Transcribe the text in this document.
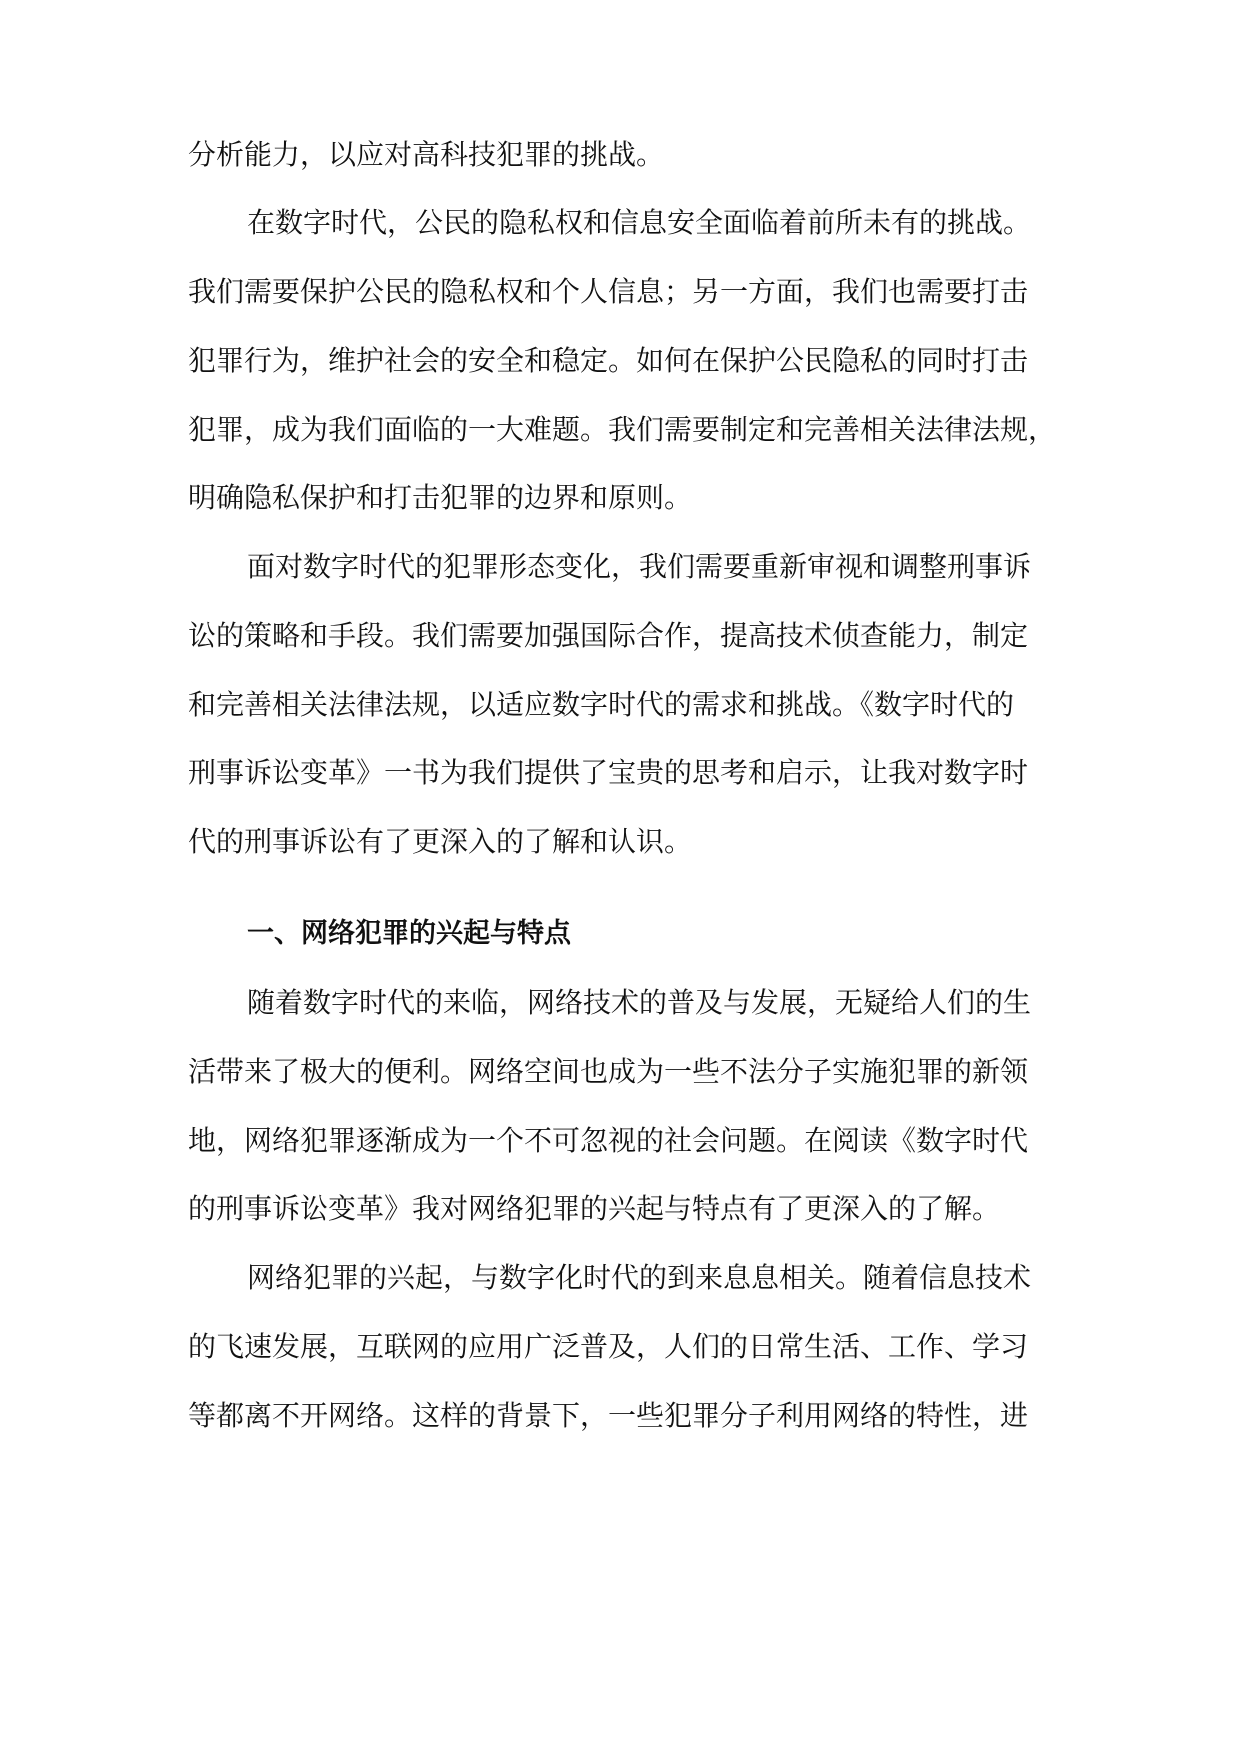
分析能力，以应对高科技犯罪的挑战。

在数字时代，公民的隐私权和信息安全面临着前所未有的挑战。

我们需要保护公民的隐私权和个人信息；另一方面，我们也需要打击

犯罪行为，维护社会的安全和稳定。如何在保护公民隐私的同时打击

犯罪，成为我们面临的一大难题。我们需要制定和完善相关法律法规，

明确隐私保护和打击犯罪的边界和原则。

面对数字时代的犯罪形态变化，我们需要重新审视和调整刑事诉

讼的策略和手段。我们需要加强国际合作，提高技术侦查能力，制定

和完善相关法律法规，以适应数字时代的需求和挑战。《数字时代的

刑事诉讼变革》一书为我们提供了宝贵的思考和启示，让我对数字时

代的刑事诉讼有了更深入的了解和认识。

一、网络犯罪的兴起与特点

随着数字时代的来临，网络技术的普及与发展，无疑给人们的生

活带来了极大的便利。网络空间也成为一些不法分子实施犯罪的新领

地，网络犯罪逐渐成为一个不可忽视的社会问题。在阅读《数字时代

的刑事诉讼变革》我对网络犯罪的兴起与特点有了更深入的了解。

网络犯罪的兴起，与数字化时代的到来息息相关。随着信息技术

的飞速发展，互联网的应用广泛普及，人们的日常生活、工作、学习

等都离不开网络。这样的背景下，一些犯罪分子利用网络的特性，进
